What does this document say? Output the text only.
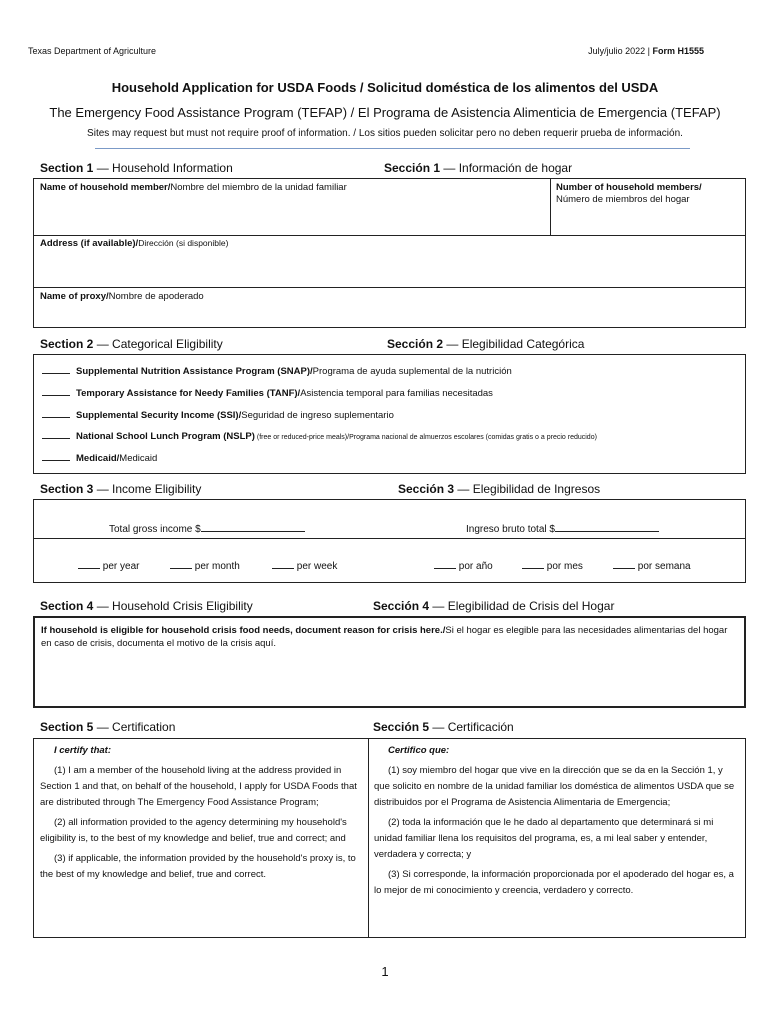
Texas Department of Agriculture	July/julio 2022 | Form H1555
Household Application for USDA Foods / Solicitud doméstica de los alimentos del USDA
The Emergency Food Assistance Program (TEFAP) / El Programa de Asistencia Alimenticia de Emergencia (TEFAP)
Sites may request but must not require proof of information. / Los sitios pueden solicitar pero no deben requerir prueba de información.
Section 1 — Household Information	Sección 1 — Información de hogar
Name of household member/Nombre del miembro de la unidad familiar	Number of household members/
Número de miembros del hogar
Address (if available)/Dirección (si disponible)
Name of proxy/Nombre de apoderado
Section 2 — Categorical Eligibility	Sección 2 — Elegibilidad Categórica
Supplemental Nutrition Assistance Program (SNAP)/Programa de ayuda suplemental de la nutrición
Temporary Assistance for Needy Families (TANF)/Asistencia temporal para familias necesitadas
Supplemental Security Income (SSI)/Seguridad de ingreso suplementario
National School Lunch Program (NSLP) (free or reduced-price meals)/Programa nacional de almuerzos escolares (comidas gratis o a precio reducido)
Medicaid/Medicaid
Section 3 — Income Eligibility	Sección 3 — Elegibilidad de Ingresos
Total gross income $	Ingreso bruto total $
per year	per month	per week	por año	por mes	por semana
Section 4 — Household Crisis Eligibility	Sección 4 — Elegibilidad de Crisis del Hogar
If household is eligible for household crisis food needs, document reason for crisis here./Si el hogar es elegible para las necesidades alimentarias del hogar en caso de crisis, documenta el motivo de la crisis aquí.
Section 5 — Certification	Sección 5 — Certificación

I certify that:

(1) I am a member of the household living at the address provided in Section 1 and that, on behalf of the household, I apply for USDA Foods that are distributed through The Emergency Food Assistance Program;

(2) all information provided to the agency determining my household's eligibility is, to the best of my knowledge and belief, true and correct; and

(3) if applicable, the information provided by the household's proxy is, to the best of my knowledge and belief, true and correct.

Certifico que:

(1) soy miembro del hogar que vive en la dirección que se da en la Sección 1, y que solicito en nombre de la unidad familiar los doméstica de alimentos USDA que se distribuidos por el Programa de Asistencia Alimentaria de Emergencia;

(2) toda la información que le he dado al departamento que determinará si mi unidad familiar llena los requisitos del programa, es, a mi leal saber y entender, verdadera y correcta; y

(3) Si corresponde, la información proporcionada por el apoderado del hogar es, a lo mejor de mi conocimiento y creencia, verdadero y correcto.

1
